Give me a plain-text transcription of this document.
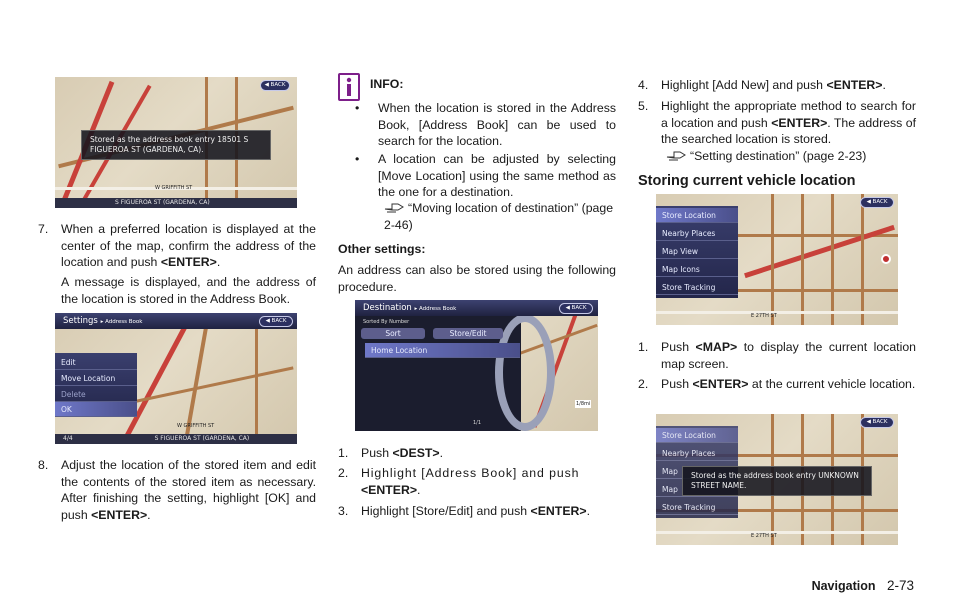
Stored as the address book entry 18501 S FIGUEROA ST (GARDENA, CA).
W GRIFFITH ST
◀ BACK
S FIGUEROA ST (GARDENA, CA)
7. When a preferred location is displayed at the center of the map, confirm the address of the location and push <ENTER>.
A message is displayed, and the address of the location is stored in the Address Book.
Settings ▸ Address Book	◀ BACK
Edit
Move Location
Delete
OK
W GRIFFITH ST
4/4	S FIGUEROA ST (GARDENA, CA)
8. Adjust the location of the stored item and edit the contents of the stored item as necessary. After finishing the setting, highlight [OK] and push <ENTER>.
INFO:
• When the location is stored in the Address Book, [Address Book] can be used to search for the location.
• A location can be adjusted by selecting [Move Location] using the same method as the one for a destination.
“Moving location of destination” (page 2-46)
Other settings:
An address can also be stored using the following procedure.
Destination ▸ Address Book	◀ BACK
Sorted By Number
Sort	Store/Edit
Home Location
1/1
1/8mi
1. Push <DEST>.
2. Highlight [Address Book] and push <ENTER>.
3. Highlight [Store/Edit] and push <ENTER>.
4. Highlight [Add New] and push <ENTER>.
5. Highlight the appropriate method to search for a location and push <ENTER>. The address of the searched location is stored.
“Setting destination” (page 2-23)
Storing current vehicle location
Store Location
Nearby Places
Map View
Map Icons
Store Tracking
◀ BACK
E 27TH ST
1. Push <MAP> to display the current location map screen.
2. Push <ENTER> at the current vehicle location.
Store Location
Nearby Places
Map
Map
Store Tracking
Stored as the address book entry UNKNOWN STREET NAME.
◀ BACK
E 27TH ST
Navigation 2-73
